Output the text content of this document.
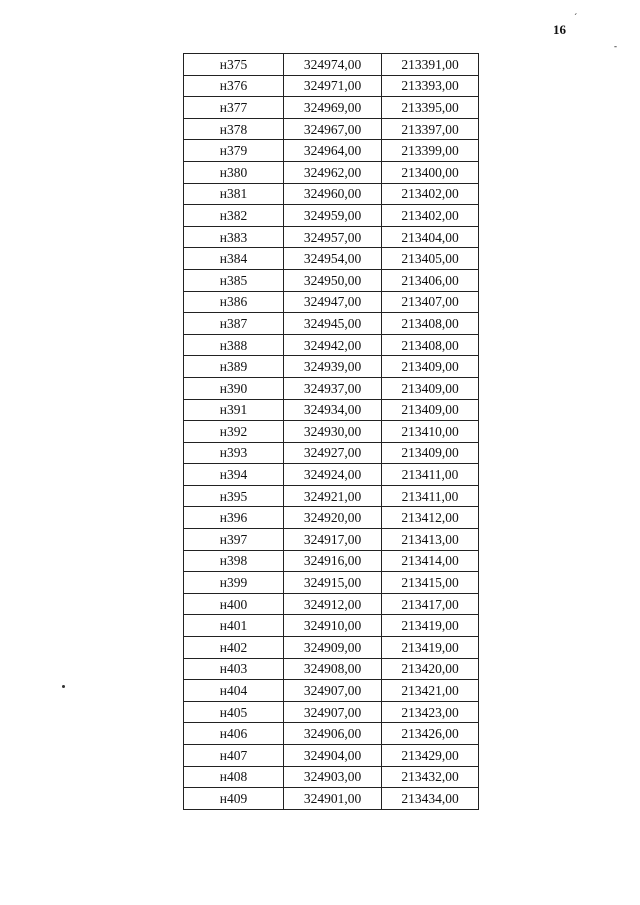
16
´
-
н375	324974,00	213391,00
н376	324971,00	213393,00
н377	324969,00	213395,00
н378	324967,00	213397,00
н379	324964,00	213399,00
н380	324962,00	213400,00
н381	324960,00	213402,00
н382	324959,00	213402,00
н383	324957,00	213404,00
н384	324954,00	213405,00
н385	324950,00	213406,00
н386	324947,00	213407,00
н387	324945,00	213408,00
н388	324942,00	213408,00
н389	324939,00	213409,00
н390	324937,00	213409,00
н391	324934,00	213409,00
н392	324930,00	213410,00
н393	324927,00	213409,00
н394	324924,00	213411,00
н395	324921,00	213411,00
н396	324920,00	213412,00
н397	324917,00	213413,00
н398	324916,00	213414,00
н399	324915,00	213415,00
н400	324912,00	213417,00
н401	324910,00	213419,00
н402	324909,00	213419,00
н403	324908,00	213420,00
н404	324907,00	213421,00
н405	324907,00	213423,00
н406	324906,00	213426,00
н407	324904,00	213429,00
н408	324903,00	213432,00
н409	324901,00	213434,00
